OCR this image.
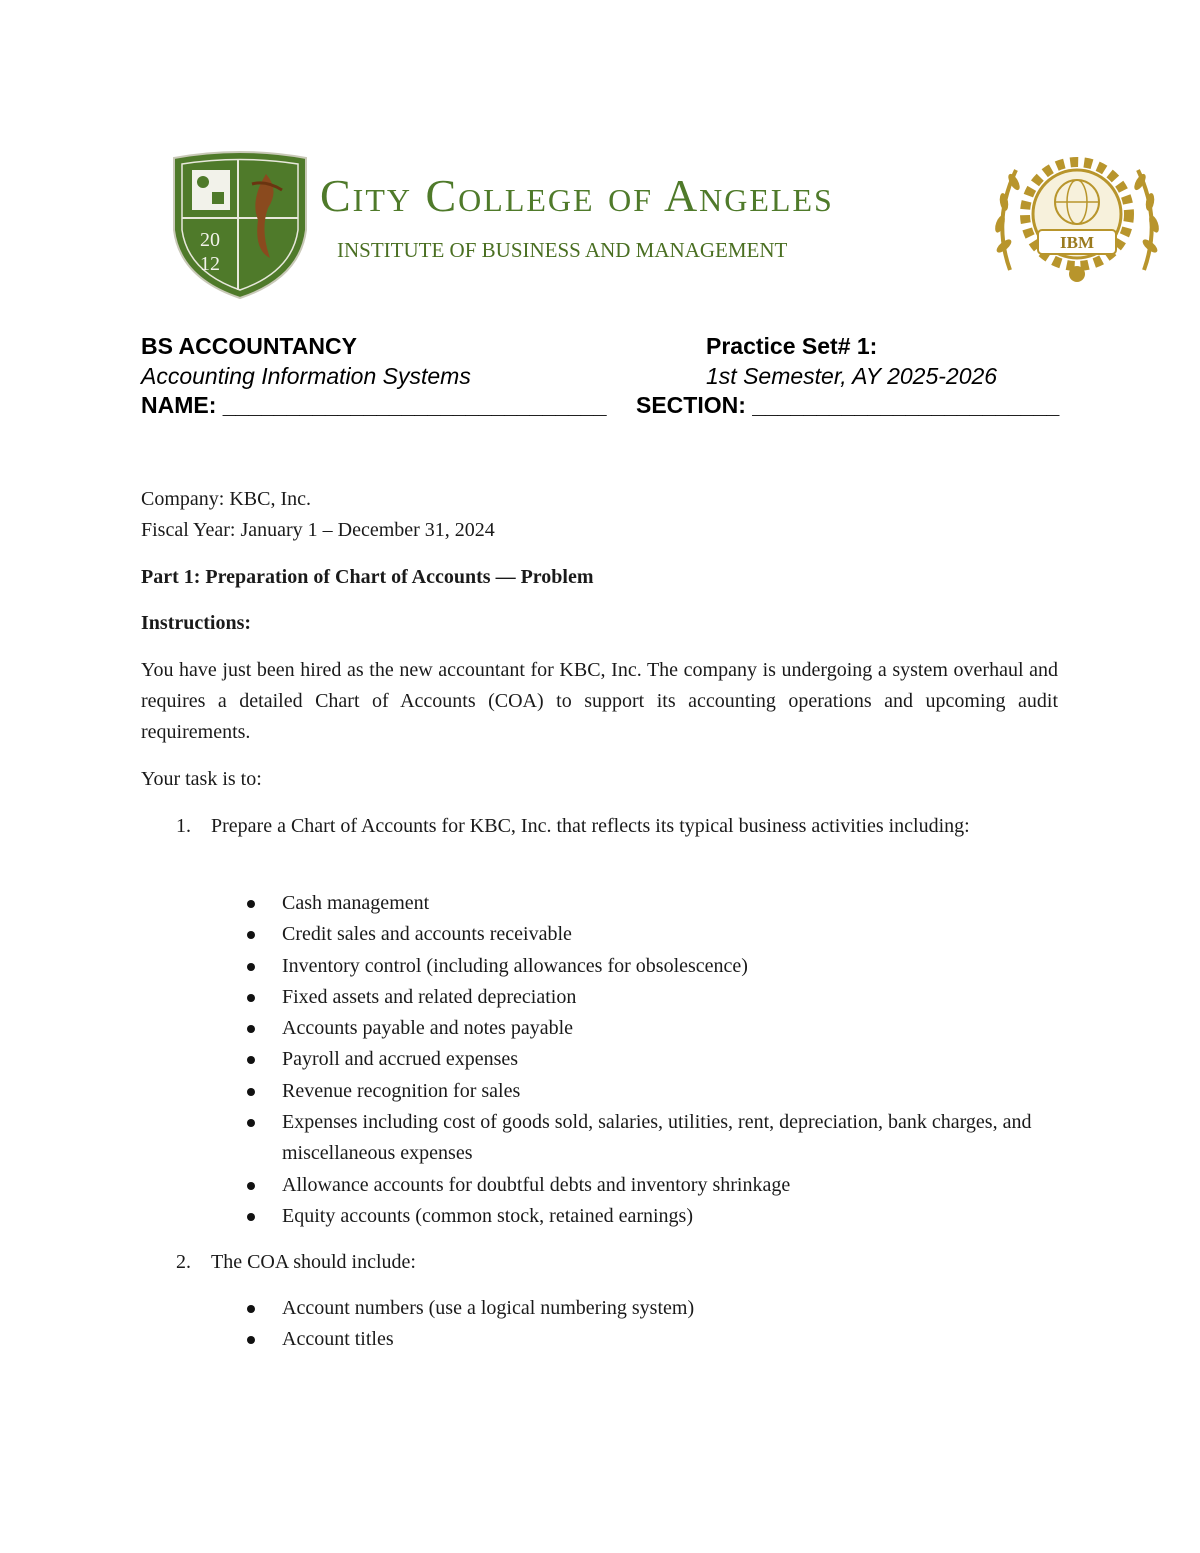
20
12
City College of Angeles
INSTITUTE OF BUSINESS AND MANAGEMENT	IBM
BS ACCOUNTANCY	Practice Set# 1:
Accounting Information Systems	1st Semester, AY 2025-2026
NAME: ______________________________ SECTION: ________________________
Company: KBC, Inc.
Fiscal Year: January 1 – December 31, 2024
Part 1: Preparation of Chart of Accounts — Problem
Instructions:
You have just been hired as the new accountant for KBC, Inc. The company is undergoing a system overhaul and requires a detailed Chart of Accounts (COA) to support its accounting operations and upcoming audit requirements.
Your task is to:
1. Prepare a Chart of Accounts for KBC, Inc. that reflects its typical business activities including:
Cash management
Credit sales and accounts receivable
Inventory control (including allowances for obsolescence)
Fixed assets and related depreciation
Accounts payable and notes payable
Payroll and accrued expenses
Revenue recognition for sales
Expenses including cost of goods sold, salaries, utilities, rent, depreciation, bank charges, and miscellaneous expenses
Allowance accounts for doubtful debts and inventory shrinkage
Equity accounts (common stock, retained earnings)
2. The COA should include:
Account numbers (use a logical numbering system)
Account titles
